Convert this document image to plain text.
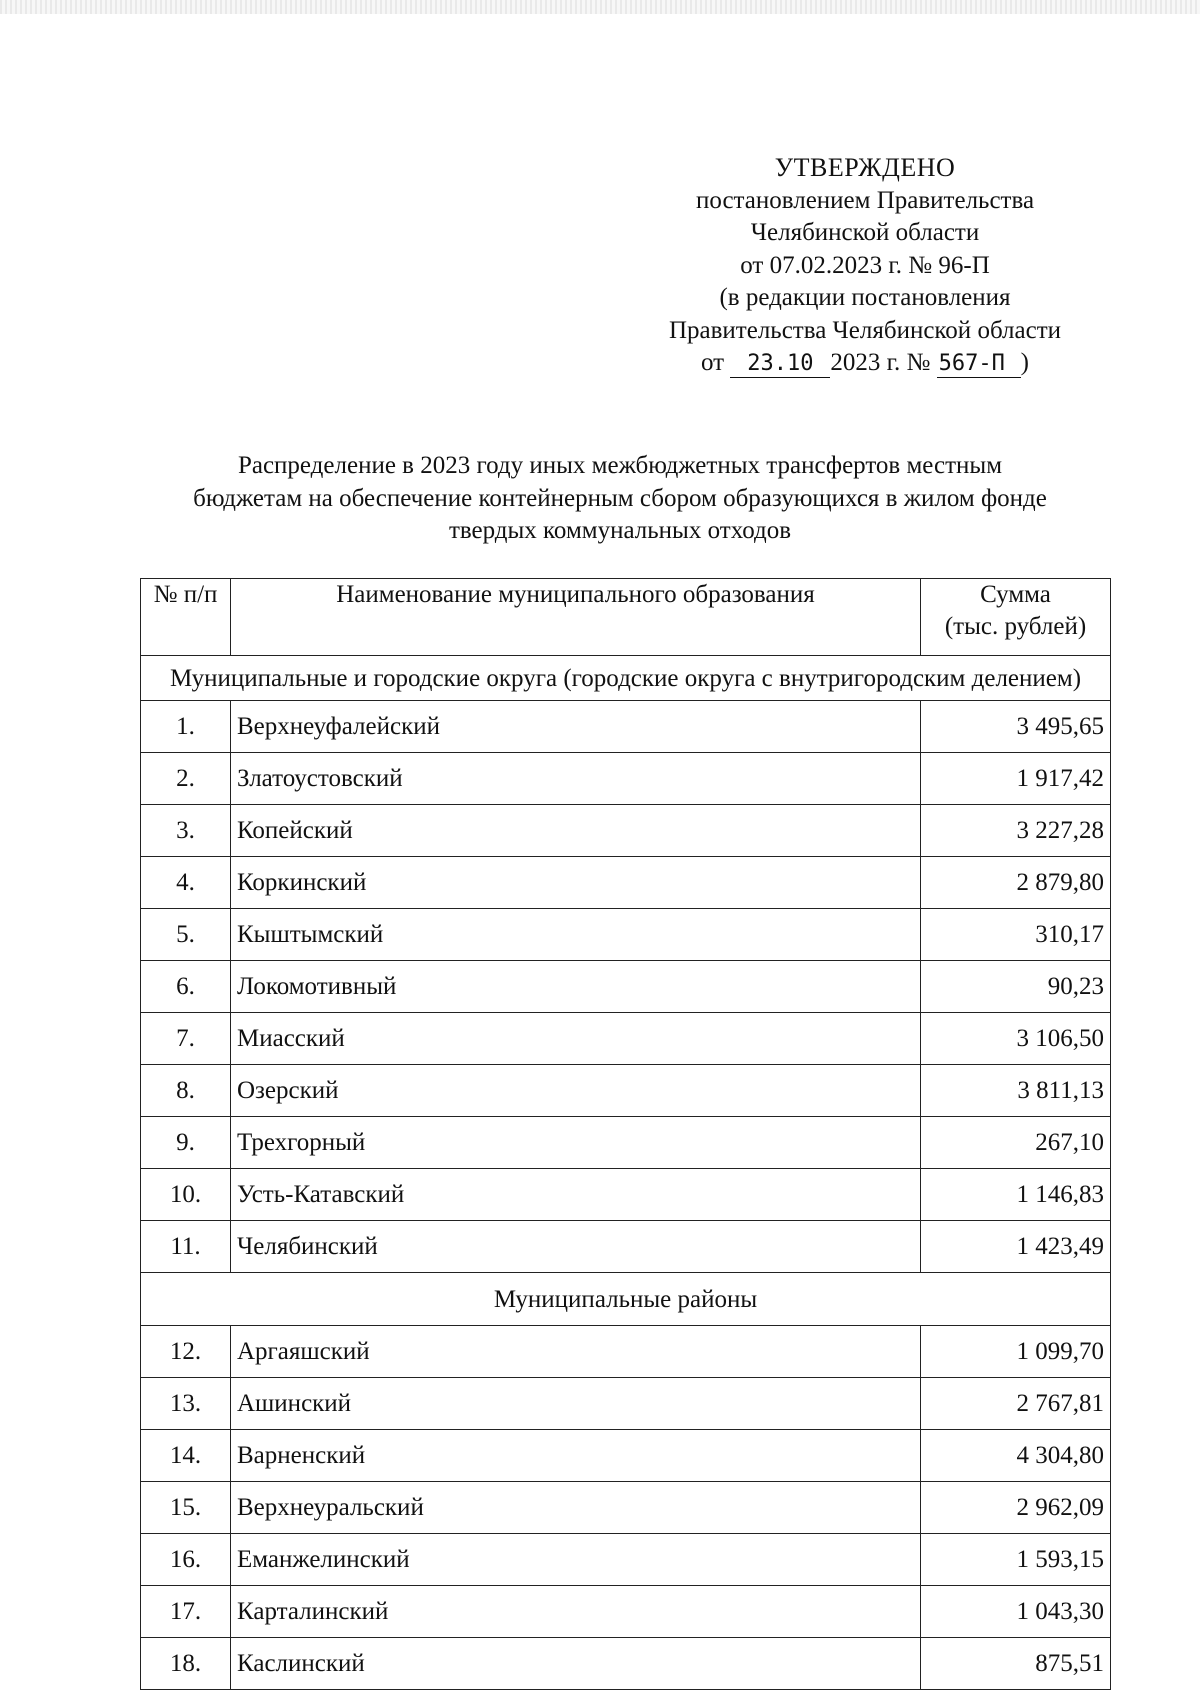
УТВЕРЖДЕНО
постановлением Правительства
Челябинской области
от 07.02.2023 г. № 96-П
(в редакции постановления
Правительства Челябинской области
от 23.10 2023 г. № 567-П )
Распределение в 2023 году иных межбюджетных трансфертов местным
бюджетам на обеспечение контейнерным сбором образующихся в жилом фонде
твердых коммунальных отходов
№ п/п	Наименование муниципального образования	Сумма
(тыс. рублей)

Муниципальные и городские округа (городские округа с внутригородским делением)		
1.	Верхнеуфалейский	3 495,65
2.	Златоустовский	1 917,42
3.	Копейский	3 227,28
4.	Коркинский	2 879,80
5.	Кыштымский	310,17
6.	Локомотивный	90,23
7.	Миасский	3 106,50
8.	Озерский	3 811,13
9.	Трехгорный	267,10
10.	Усть-Катавский	1 146,83
11.	Челябинский	1 423,49
Муниципальные районы		
12.	Аргаяшский	1 099,70
13.	Ашинский	2 767,81
14.	Варненский	4 304,80
15.	Верхнеуральский	2 962,09
16.	Еманжелинский	1 593,15
17.	Карталинский	1 043,30
18.	Каслинский	875,51
